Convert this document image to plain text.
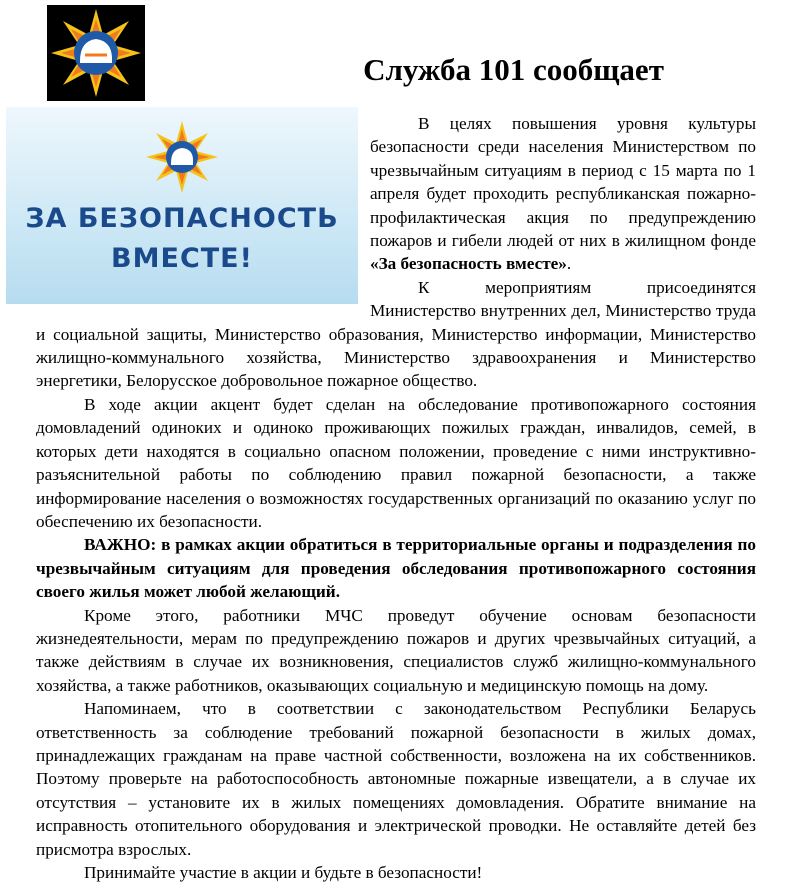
Служба 101 сообщает
ЗА БЕЗОПАСНОСТЬ
ВМЕСТЕ!

В целях повышения уровня культуры безопасности среди населения Министерством по чрезвычайным ситуациям в период с 15 марта по 1 апреля будет проходить республиканская пожарно-профилактическая акция по предупреждению пожаров и гибели людей от них в жилищном фонде «За безопасность вместе».

К мероприятиям присоединятся Министерство внутренних дел, Министерство труда и социальной защиты, Министерство образования, Министерство информации, Министерство жилищно-коммунального хозяйства, Министерство здравоохранения и Министерство энергетики, Белорусское добровольное пожарное общество.

В ходе акции акцент будет сделан на обследование противопожарного состояния домовладений одиноких и одиноко проживающих пожилых граждан, инвалидов, семей, в которых дети находятся в социально опасном положении, проведение с ними инструктивно-разъяснительной работы по соблюдению правил пожарной безопасности, а также информирование населения о возможностях государственных организаций по оказанию услуг по обеспечению их безопасности.

ВАЖНО: в рамках акции обратиться в территориальные органы и подразделения по чрезвычайным ситуациям для проведения обследования противопожарного состояния своего жилья может любой желающий.

Кроме этого, работники МЧС проведут обучение основам безопасности жизнедеятельности, мерам по предупреждению пожаров и других чрезвычайных ситуаций, а также действиям в случае их возникновения, специалистов служб жилищно-коммунального хозяйства, а также работников, оказывающих социальную и медицинскую помощь на дому.

Напоминаем, что в соответствии с законодательством Республики Беларусь ответственность за соблюдение требований пожарной безопасности в жилых домах, принадлежащих гражданам на праве частной собственности, возложена на их собственников. Поэтому проверьте на работоспособность автономные пожарные извещатели, а в случае их отсутствия – установите их в жилых помещениях домовладения. Обратите внимание на исправность отопительного оборудования и электрической проводки. Не оставляйте детей без присмотра взрослых.

Принимайте участие в акции и будьте в безопасности!
